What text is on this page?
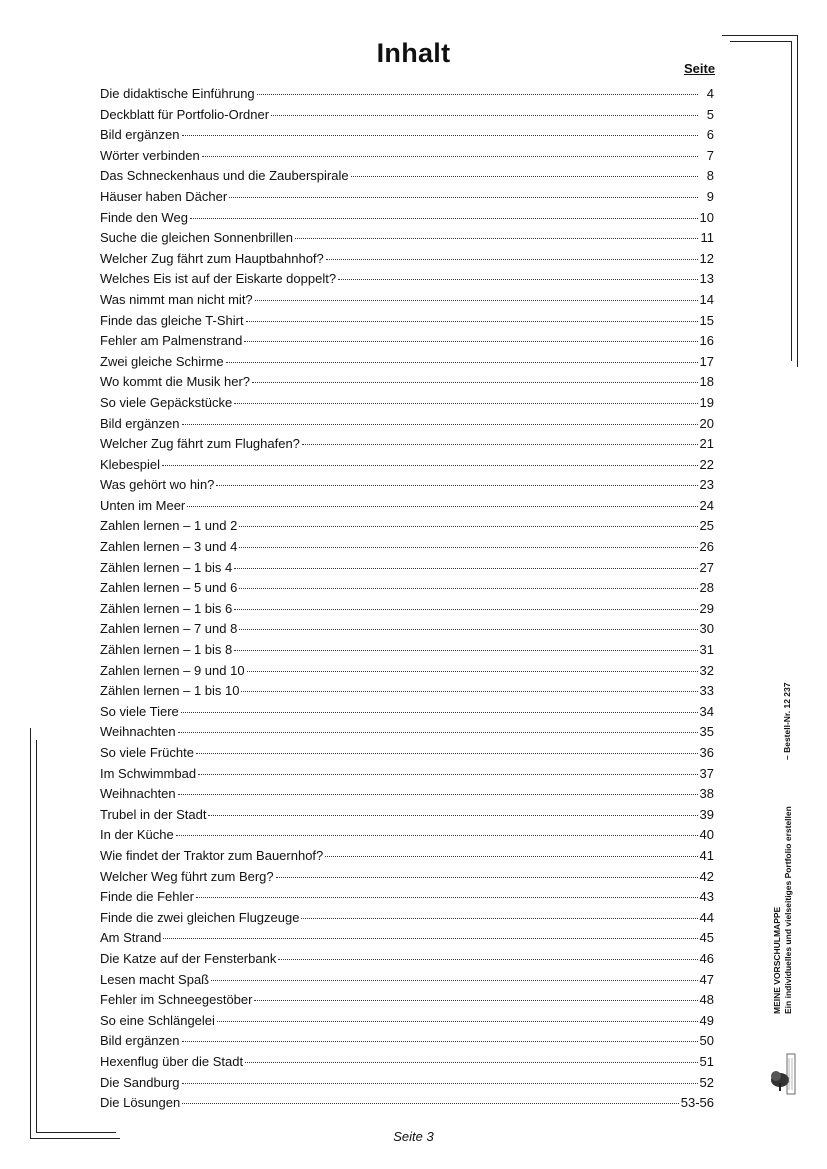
Inhalt
Seite
Die didaktische Einführung	4
Deckblatt für Portfolio-Ordner	5
Bild ergänzen	6
Wörter verbinden	7
Das Schneckenhaus und die Zauberspirale	8
Häuser haben Dächer	9
Finde den Weg	10
Suche die gleichen Sonnenbrillen	11
Welcher Zug fährt zum Hauptbahnhof?	12
Welches Eis ist auf der Eiskarte doppelt?	13
Was nimmt man nicht mit?	14
Finde das gleiche T-Shirt	15
Fehler am Palmenstrand	16
Zwei gleiche Schirme	17
Wo kommt die Musik her?	18
So viele Gepäckstücke	19
Bild ergänzen	20
Welcher Zug fährt zum Flughafen?	21
Klebespiel	22
Was gehört wo hin?	23
Unten im Meer	24
Zahlen lernen – 1 und 2	25
Zahlen lernen – 3 und 4	26
Zählen lernen – 1 bis 4	27
Zahlen lernen – 5 und 6	28
Zählen lernen – 1 bis 6	29
Zahlen lernen – 7 und 8	30
Zählen lernen – 1 bis 8	31
Zahlen lernen – 9 und 10	32
Zählen lernen – 1 bis 10	33
So viele Tiere	34
Weihnachten	35
So viele Früchte	36
Im Schwimmbad	37
Weihnachten	38
Trubel in der Stadt	39
In der Küche	40
Wie findet der Traktor zum Bauernhof?	41
Welcher Weg führt zum Berg?	42
Finde die Fehler	43
Finde die zwei gleichen Flugzeuge	44
Am Strand	45
Die Katze auf der Fensterbank	46
Lesen macht Spaß	47
Fehler im Schneegestöber	48
So eine Schlängelei	49
Bild ergänzen	50
Hexenflug über die Stadt	51
Die Sandburg	52
Die Lösungen	53-56
Seite 3
MEINE VORSCHULMAPPE Ein individuelles und vielseitiges Portfolio erstellen
– Bestell-Nr. 12 237
